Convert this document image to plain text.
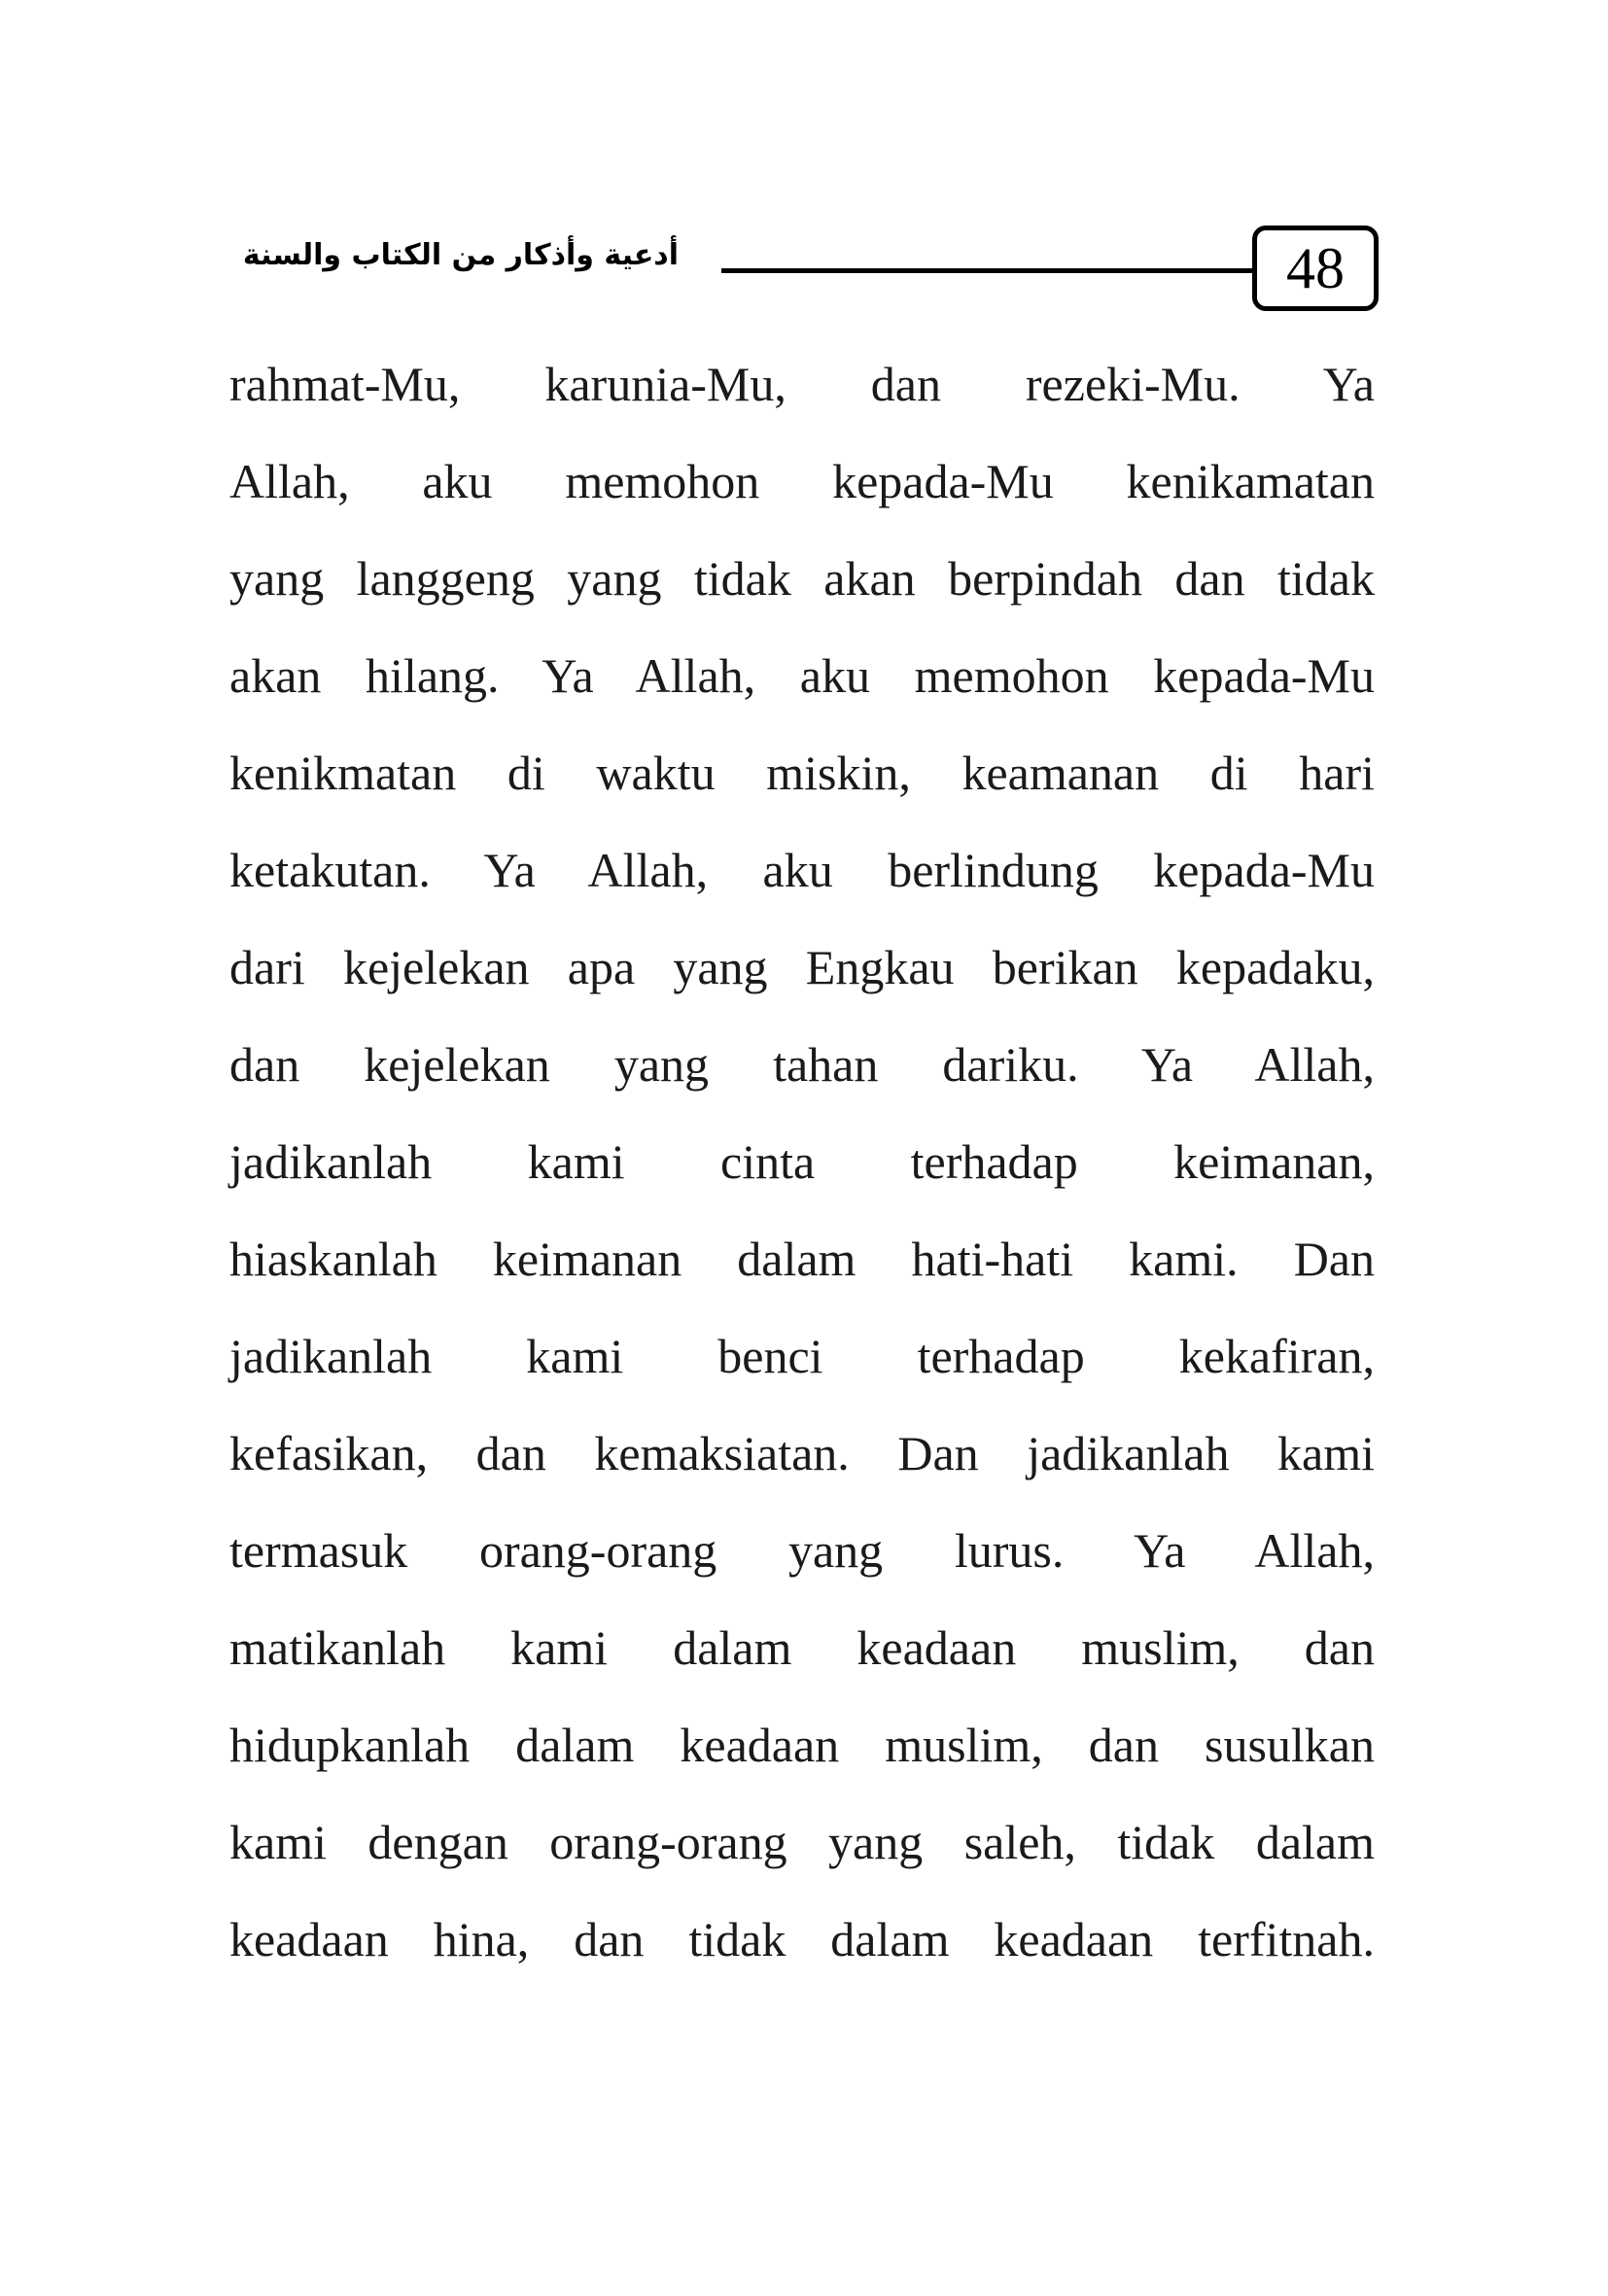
أدعية وأذكار من الكتاب والسنة	48
rahmat-Mu, karunia-Mu, dan rezeki-Mu. Ya
Allah, aku memohon kepada-Mu kenikamatan
yang langgeng yang tidak akan berpindah dan tidak
akan hilang. Ya Allah, aku memohon kepada-Mu
kenikmatan di waktu miskin, keamanan di hari
ketakutan. Ya Allah, aku berlindung kepada-Mu
dari kejelekan apa yang Engkau berikan kepadaku,
dan kejelekan yang tahan dariku. Ya Allah,
jadikanlah kami cinta terhadap keimanan,
hiaskanlah keimanan dalam hati-hati kami. Dan
jadikanlah kami benci terhadap kekafiran,
kefasikan, dan kemaksiatan. Dan jadikanlah kami
termasuk orang-orang yang lurus. Ya Allah,
matikanlah kami dalam keadaan muslim, dan
hidupkanlah dalam keadaan muslim, dan susulkan
kami dengan orang-orang yang saleh, tidak dalam
keadaan hina, dan tidak dalam keadaan terfitnah.
